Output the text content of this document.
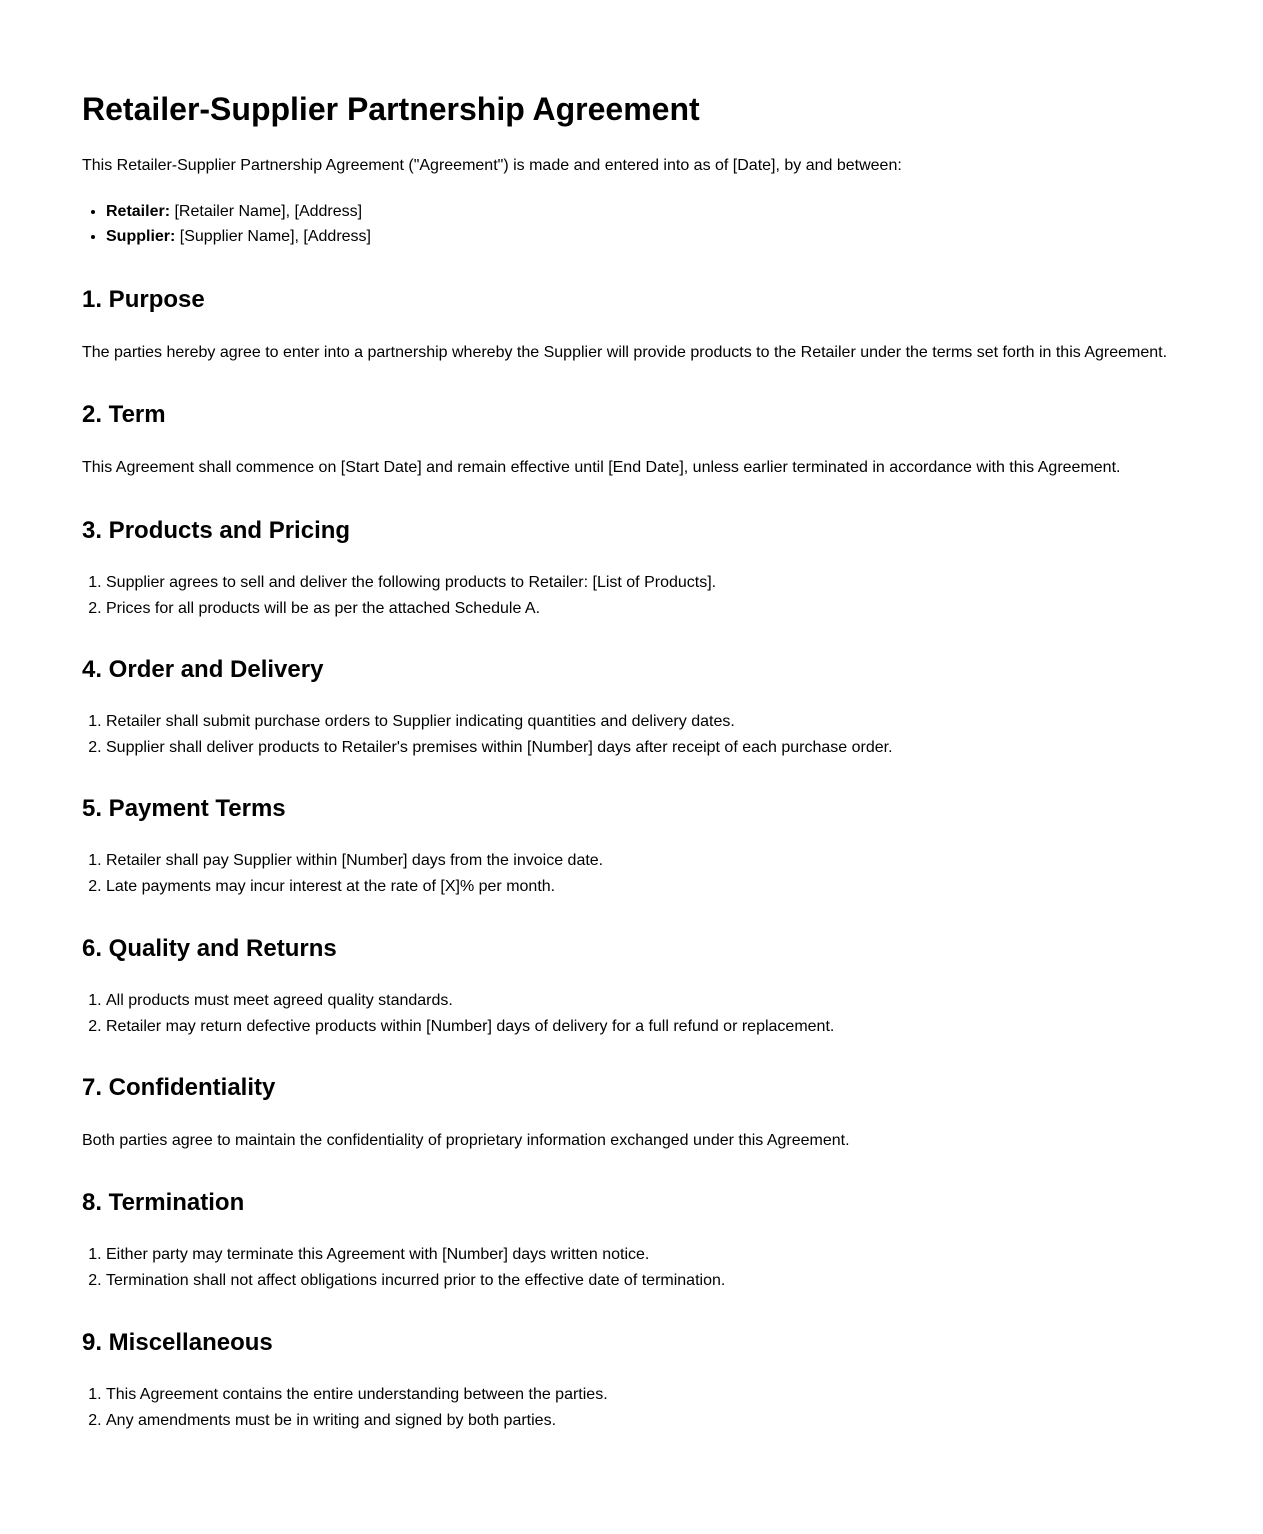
Retailer-Supplier Partnership Agreement

This Retailer-Supplier Partnership Agreement ("Agreement") is made and entered into as of [Date], by and between:

• Retailer: [Retailer Name], [Address]
• Supplier: [Supplier Name], [Address]
1. Purpose

The parties hereby agree to enter into a partnership whereby the Supplier will provide products to the Retailer under the terms set forth in this Agreement.

2. Term

This Agreement shall commence on [Start Date] and remain effective until [End Date], unless earlier terminated in accordance with this Agreement.

3. Products and Pricing
1. Supplier agrees to sell and deliver the following products to Retailer: [List of Products].
2. Prices for all products will be as per the attached Schedule A.
4. Order and Delivery
1. Retailer shall submit purchase orders to Supplier indicating quantities and delivery dates.
2. Supplier shall deliver products to Retailer's premises within [Number] days after receipt of each purchase order.
5. Payment Terms
1. Retailer shall pay Supplier within [Number] days from the invoice date.
2. Late payments may incur interest at the rate of [X]% per month.
6. Quality and Returns
1. All products must meet agreed quality standards.
2. Retailer may return defective products within [Number] days of delivery for a full refund or replacement.
7. Confidentiality

Both parties agree to maintain the confidentiality of proprietary information exchanged under this Agreement.

8. Termination
1. Either party may terminate this Agreement with [Number] days written notice.
2. Termination shall not affect obligations incurred prior to the effective date of termination.
9. Miscellaneous
1. This Agreement contains the entire understanding between the parties.
2. Any amendments must be in writing and signed by both parties.
